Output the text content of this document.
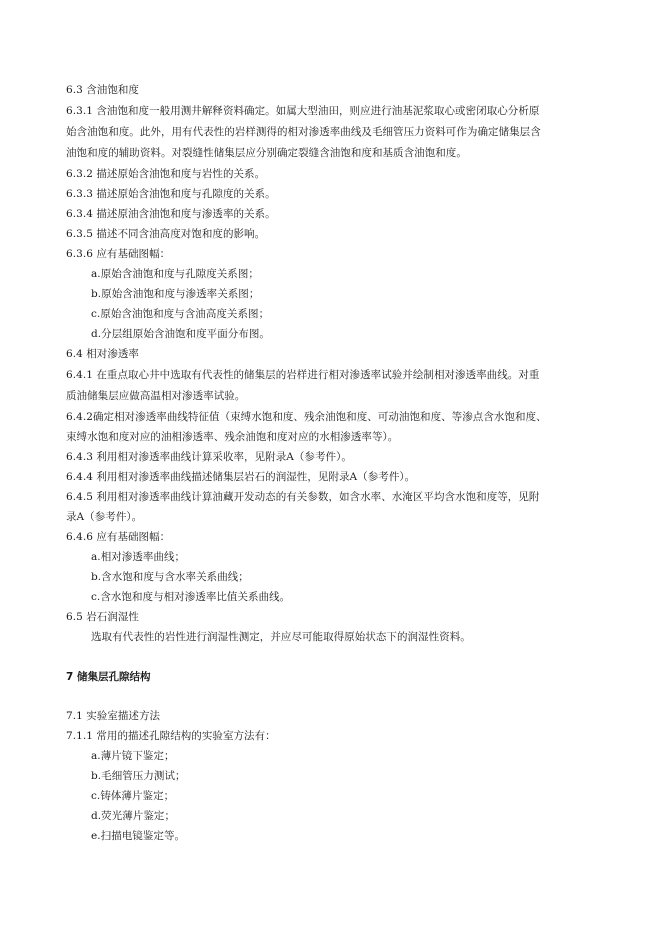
6.3 含油饱和度
6.3.1 含油饱和度一般用测井解释资料确定。如属大型油田，则应进行油基泥浆取心或密闭取心分析原
始含油饱和度。此外，用有代表性的岩样测得的相对渗透率曲线及毛细管压力资料可作为确定储集层含
油饱和度的辅助资料。对裂缝性储集层应分别确定裂缝含油饱和度和基质含油饱和度。
6.3.2 描述原始含油饱和度与岩性的关系。
6.3.3 描述原始含油饱和度与孔隙度的关系。
6.3.4 描述原油含油饱和度与渗透率的关系。
6.3.5 描述不同含油高度对饱和度的影响。
6.3.6 应有基础图幅：
a.原始含油饱和度与孔隙度关系图；
b.原始含油饱和度与渗透率关系图；
c.原始含油饱和度与含油高度关系图；
d.分层组原始含油饱和度平面分布图。
6.4 相对渗透率
6.4.1 在重点取心井中选取有代表性的储集层的岩样进行相对渗透率试验并绘制相对渗透率曲线。对重
质油储集层应做高温相对渗透率试验。
6.4.2确定相对渗透率曲线特征值（束缚水饱和度、残余油饱和度、可动油饱和度、等渗点含水饱和度、
束缚水饱和度对应的油相渗透率、残余油饱和度对应的水相渗透率等）。
6.4.3 利用相对渗透率曲线计算采收率，见附录A（参考件）。
6.4.4 利用相对渗透率曲线描述储集层岩石的润湿性，见附录A（参考件）。
6.4.5 利用相对渗透率曲线计算油藏开发动态的有关参数，如含水率、水淹区平均含水饱和度等，见附
录A（参考件）。
6.4.6 应有基础图幅：
a.相对渗透率曲线；
b.含水饱和度与含水率关系曲线；
c.含水饱和度与相对渗透率比值关系曲线。
6.5 岩石润湿性
选取有代表性的岩性进行润湿性测定，并应尽可能取得原始状态下的润湿性资料。
7 储集层孔隙结构
7.1 实验室描述方法
7.1.1 常用的描述孔隙结构的实验室方法有：
a.薄片镜下鉴定；
b.毛细管压力测试；
c.铸体薄片鉴定；
d.荧光薄片鉴定；
e.扫描电镜鉴定等。
